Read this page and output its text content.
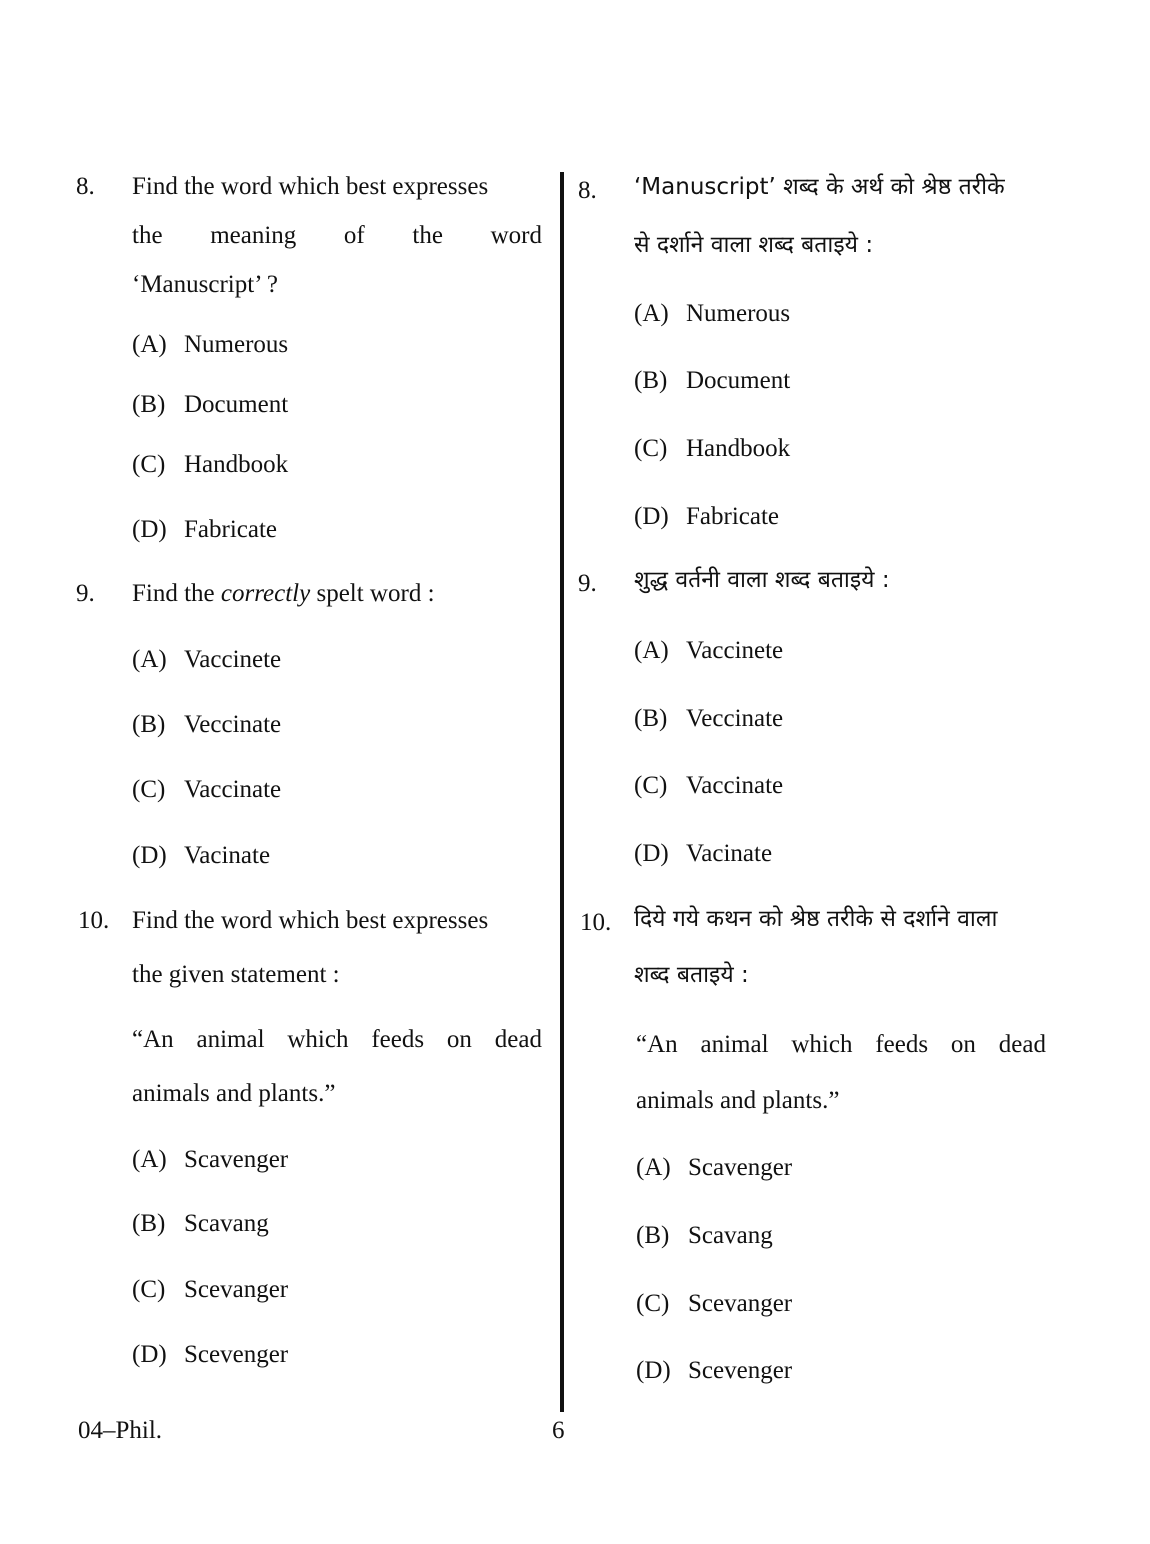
8. Find the word which best expresses
the meaning of the word
‘Manuscript’ ?
(A) Numerous
(B) Document
(C) Handbook
(D) Fabricate
9. Find the correctly spelt word :
(A) Vaccinete
(B) Veccinate
(C) Vaccinate
(D) Vacinate
10. Find the word which best expresses
the given statement :
“An animal which feeds on dead
animals and plants.”
(A) Scavenger
(B) Scavang
(C) Scevanger
(D) Scevenger
8. ‘Manuscript’ शब्द के अर्थ को श्रेष्ठ तरीके
से दर्शाने वाला शब्द बताइये :
(A) Numerous
(B) Document
(C) Handbook
(D) Fabricate
9. शुद्ध वर्तनी वाला शब्द बताइये :
(A) Vaccinete
(B) Veccinate
(C) Vaccinate
(D) Vacinate
10. दिये गये कथन को श्रेष्ठ तरीके से दर्शाने वाला
शब्द बताइये :
“An animal which feeds on dead
animals and plants.”
(A) Scavenger
(B) Scavang
(C) Scevanger
(D) Scevenger
04–Phil.	6
